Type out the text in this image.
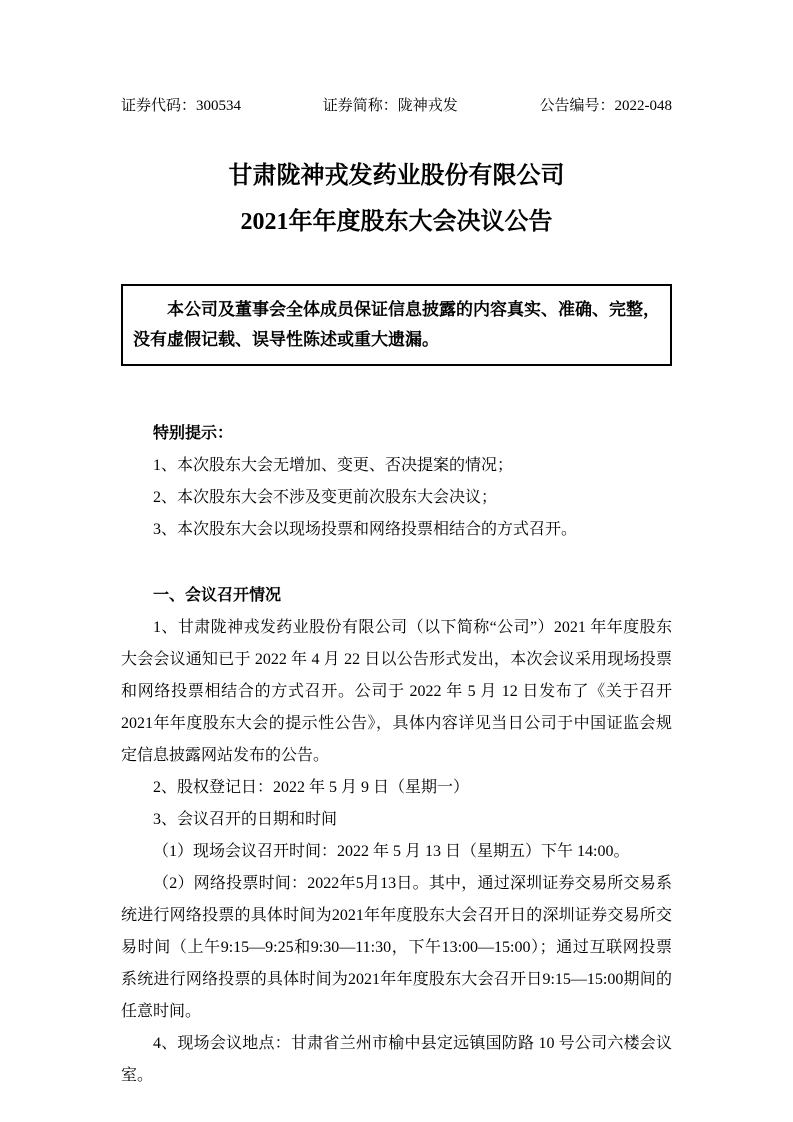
证券代码：300534	证券简称：陇神戎发	公告编号：2022-048
甘肃陇神戎发药业股份有限公司
2021年年度股东大会决议公告

本公司及董事会全体成员保证信息披露的内容真实、准确、完整，没有虚假记载、误导性陈述或重大遗漏。

特别提示：

1、本次股东大会无增加、变更、否决提案的情况；

2、本次股东大会不涉及变更前次股东大会决议；

3、本次股东大会以现场投票和网络投票相结合的方式召开。

一、会议召开情况

1、甘肃陇神戎发药业股份有限公司（以下简称“公司”）2021 年年度股东大会会议通知已于 2022 年 4 月 22 日以公告形式发出，本次会议采用现场投票和网络投票相结合的方式召开。公司于 2022 年 5 月 12 日发布了《关于召开 2021年年度股东大会的提示性公告》，具体内容详见当日公司于中国证监会规定信息披露网站发布的公告。

2、股权登记日：2022 年 5 月 9 日（星期一）

3、会议召开的日期和时间

（1）现场会议召开时间：2022 年 5 月 13 日（星期五）下午 14:00。

（2）网络投票时间：2022年5月13日。其中，通过深圳证券交易所交易系统进行网络投票的具体时间为2021年年度股东大会召开日的深圳证券交易所交易时间（上午9:15—9:25和9:30—11:30，下午13:00—15:00）；通过互联网投票系统进行网络投票的具体时间为2021年年度股东大会召开日9:15—15:00期间的任意时间。

4、现场会议地点：甘肃省兰州市榆中县定远镇国防路 10 号公司六楼会议室。
